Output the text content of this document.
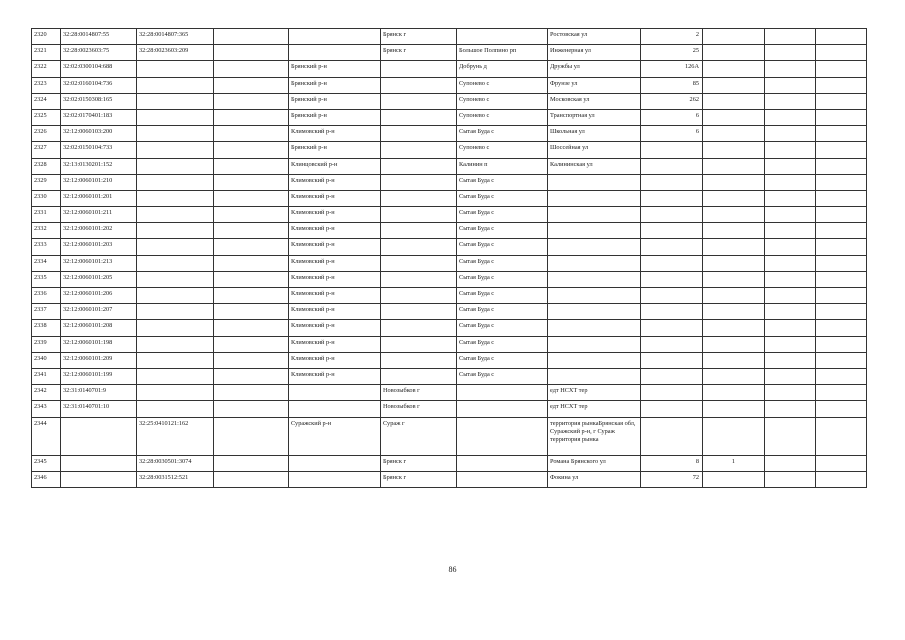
2320	32:28:0014807:55	32:28:0014807:365			Брянск г		Ростовская ул	2			
2321	32:28:0023603:75	32:28:0023603:209			Брянск г	Большое Полпино рп	Инженерная ул	25			
2322	32:02:0300104:688			Брянский р-н		Добрунь д	Дружбы ул	126А			
2323	32:02:0160104:736			Брянский р-н		Супонево с	Фрунзе ул	85			
2324	32:02:0150308:165			Брянский р-н		Супонево с	Московская ул	262			
2325	32:02:0170401:183			Брянский р-н		Супонево с	Транспортная ул	6			
2326	32:12:0060103:200			Климовский р-н		Сытая Буда с	Школьная ул	6			
2327	32:02:0150104:733			Брянский р-н		Супонево с	Шоссейная ул				
2328	32:13:0130201:152			Клинцовский р-н		Калинин п	Калининская ул				
2329	32:12:0060101:210			Климовский р-н		Сытая Буда с					
2330	32:12:0060101:201			Климовский р-н		Сытая Буда с					
2331	32:12:0060101:211			Климовский р-н		Сытая Буда с					
2332	32:12:0060101:202			Климовский р-н		Сытая Буда с					
2333	32:12:0060101:203			Климовский р-н		Сытая Буда с					
2334	32:12:0060101:213			Климовский р-н		Сытая Буда с					
2335	32:12:0060101:205			Климовский р-н		Сытая Буда с					
2336	32:12:0060101:206			Климовский р-н		Сытая Буда с					
2337	32:12:0060101:207			Климовский р-н		Сытая Буда с					
2338	32:12:0060101:208			Климовский р-н		Сытая Буда с					
2339	32:12:0060101:198			Климовский р-н		Сытая Буда с					
2340	32:12:0060101:209			Климовский р-н		Сытая Буда с					
2341	32:12:0060101:199			Климовский р-н		Сытая Буда с					
2342	32:31:0140701:9				Новозыбков г		едт НСХТ тер				
2343	32:31:0140701:10				Новозыбков г		едт НСХТ тер				
2344		32:25:0410121:162		Суражский р-н	Сураж г		территория рынкаБрянская обл, Суражский р-н, г Сураж территория рынка				
2345		32:28:0030501:3074			Брянск г		Романа Брянского ул	8	1		
2346		32:28:0031512:521			Брянск г		Фокина ул	72			
86
